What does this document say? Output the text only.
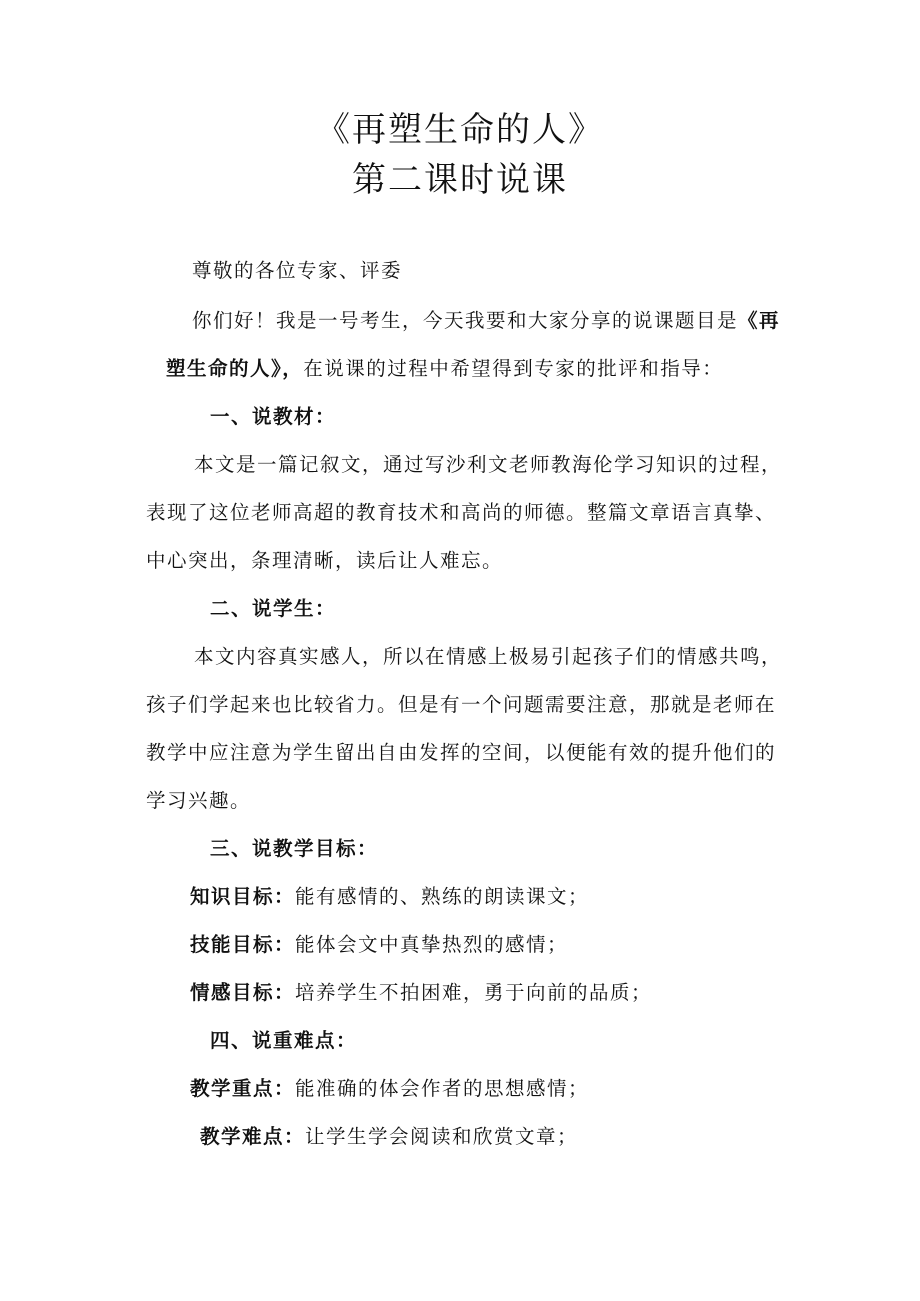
《再塑生命的人》
第二课时说课
尊敬的各位专家、评委
你们好！我是一号考生，今天我要和大家分享的说课题目是《再
塑生命的人》，在说课的过程中希望得到专家的批评和指导：
一、说教材：
本文是一篇记叙文，通过写沙利文老师教海伦学习知识的过程，
表现了这位老师高超的教育技术和高尚的师德。整篇文章语言真挚、
中心突出，条理清晰，读后让人难忘。
二、说学生：
本文内容真实感人，所以在情感上极易引起孩子们的情感共鸣，
孩子们学起来也比较省力。但是有一个问题需要注意，那就是老师在
教学中应注意为学生留出自由发挥的空间，以便能有效的提升他们的
学习兴趣。
三、说教学目标：
知识目标：能有感情的、熟练的朗读课文；
技能目标：能体会文中真挚热烈的感情；
情感目标：培养学生不拍困难，勇于向前的品质；
四、说重难点：
教学重点：能准确的体会作者的思想感情；
教学难点：让学生学会阅读和欣赏文章；
